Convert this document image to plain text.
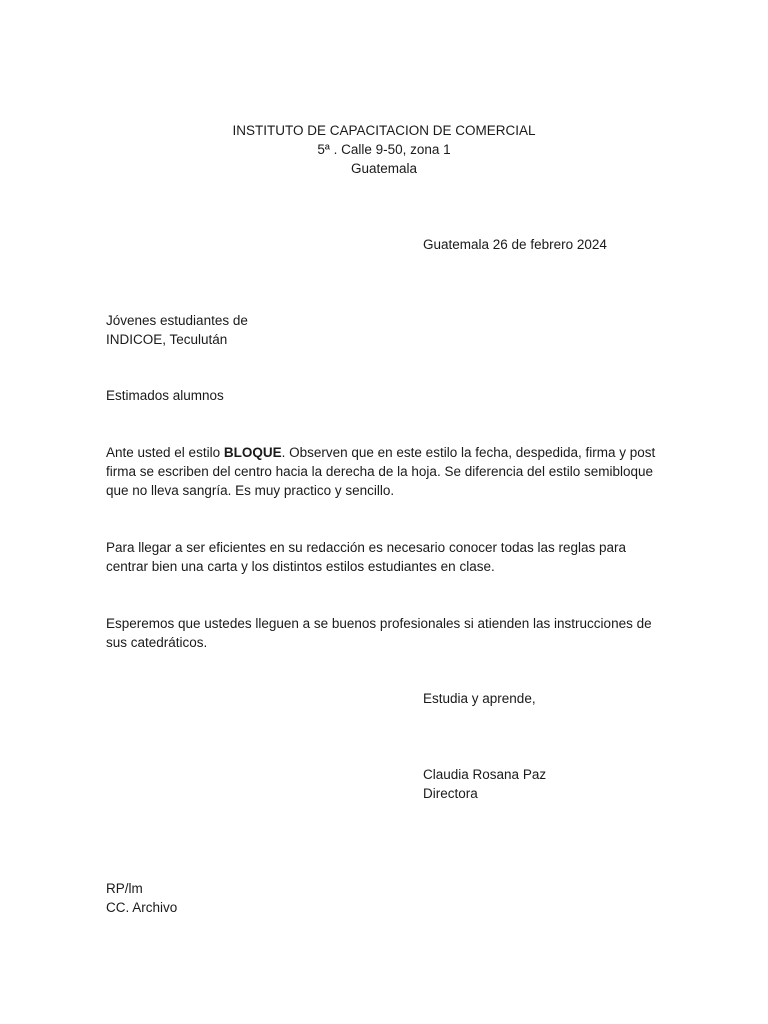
INSTITUTO DE CAPACITACION DE COMERCIAL
5ª . Calle 9-50, zona 1
Guatemala
Guatemala 26 de febrero 2024
Jóvenes estudiantes de
INDICOE, Teculután
Estimados alumnos

Ante usted el estilo BLOQUE. Observen que en este estilo la fecha, despedida, firma y post firma se escriben del centro hacia la derecha de la hoja. Se diferencia del estilo semibloque que no lleva sangría. Es muy practico y sencillo.

Para llegar a ser eficientes en su redacción es necesario conocer todas las reglas para centrar bien una carta y los distintos estilos estudiantes en clase.

Esperemos que ustedes lleguen a se buenos profesionales si atienden las instrucciones de sus catedráticos.

Estudia y aprende,
Claudia Rosana Paz
Directora
RP/lm
CC. Archivo
